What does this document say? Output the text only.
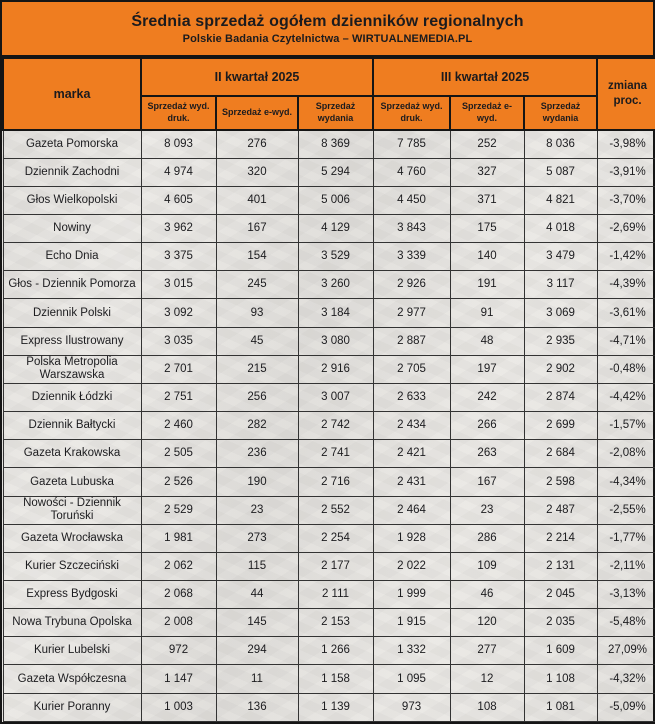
Średnia sprzedaż ogółem dzienników regionalnych
Polskie Badania Czytelnictwa – WIRTUALNEMEDIA.PL
marka	II kwartał 2025			III kwartał 2025			zmiana proc.
	Sprzedaż wyd. druk.	Sprzedaż e-wyd.	Sprzedaż wydania	Sprzedaż wyd. druk.	Sprzedaż e-wyd.	Sprzedaż wydania	
Gazeta Pomorska	8 093	276	8 369	7 785	252	8 036	-3,98%
Dziennik Zachodni	4 974	320	5 294	4 760	327	5 087	-3,91%
Głos Wielkopolski	4 605	401	5 006	4 450	371	4 821	-3,70%
Nowiny	3 962	167	4 129	3 843	175	4 018	-2,69%
Echo Dnia	3 375	154	3 529	3 339	140	3 479	-1,42%
Głos - Dziennik Pomorza	3 015	245	3 260	2 926	191	3 117	-4,39%
Dziennik Polski	3 092	93	3 184	2 977	91	3 069	-3,61%
Express Ilustrowany	3 035	45	3 080	2 887	48	2 935	-4,71%
Polska Metropolia Warszawska	2 701	215	2 916	2 705	197	2 902	-0,48%
Dziennik Łódzki	2 751	256	3 007	2 633	242	2 874	-4,42%
Dziennik Bałtycki	2 460	282	2 742	2 434	266	2 699	-1,57%
Gazeta Krakowska	2 505	236	2 741	2 421	263	2 684	-2,08%
Gazeta Lubuska	2 526	190	2 716	2 431	167	2 598	-4,34%
Nowości - Dziennik Toruński	2 529	23	2 552	2 464	23	2 487	-2,55%
Gazeta Wrocławska	1 981	273	2 254	1 928	286	2 214	-1,77%
Kurier Szczeciński	2 062	115	2 177	2 022	109	2 131	-2,11%
Express Bydgoski	2 068	44	2 111	1 999	46	2 045	-3,13%
Nowa Trybuna Opolska	2 008	145	2 153	1 915	120	2 035	-5,48%
Kurier Lubelski	972	294	1 266	1 332	277	1 609	27,09%
Gazeta Współczesna	1 147	11	1 158	1 095	12	1 108	-4,32%
Kurier Poranny	1 003	136	1 139	973	108	1 081	-5,09%
